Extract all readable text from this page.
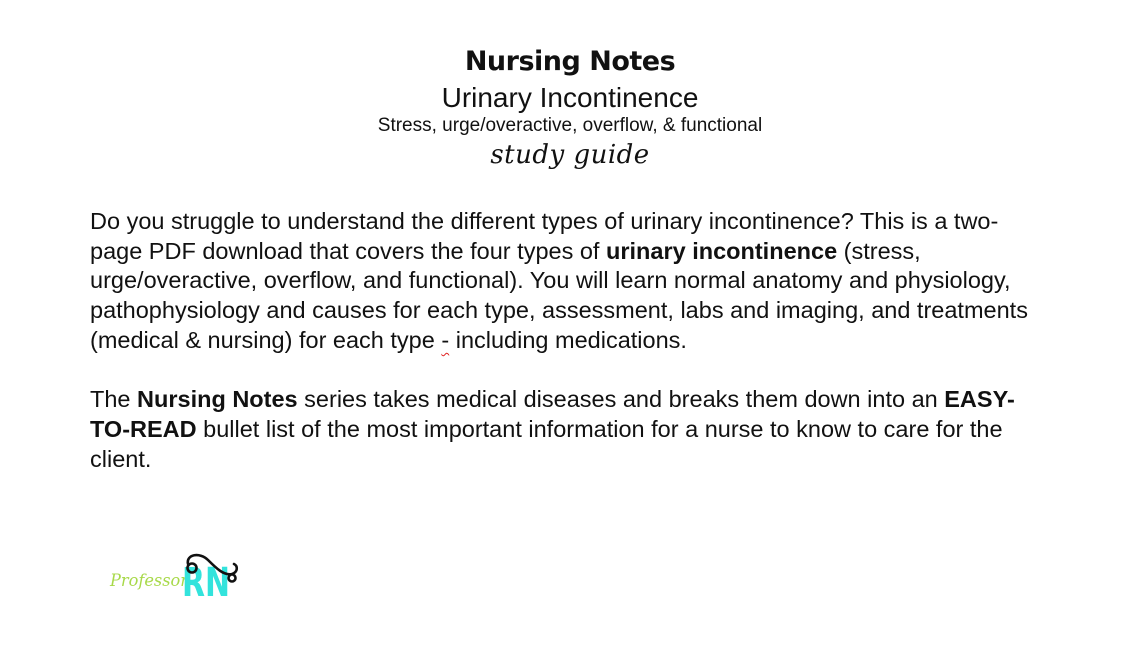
Nursing Notes
Urinary Incontinence
Stress, urge/overactive, overflow, & functional
study guide

Do you struggle to understand the different types of urinary incontinence? This is a two-page PDF download that covers the four types of urinary incontinence (stress, urge/overactive, overflow, and functional). You will learn normal anatomy and physiology, pathophysiology and causes for each type, assessment, labs and imaging, and treatments (medical & nursing) for each type - including medications.

The Nursing Notes series takes medical diseases and breaks them down into an EASY-TO-READ bullet list of the most important information for a nurse to know to care for the client.

Professor
RN
